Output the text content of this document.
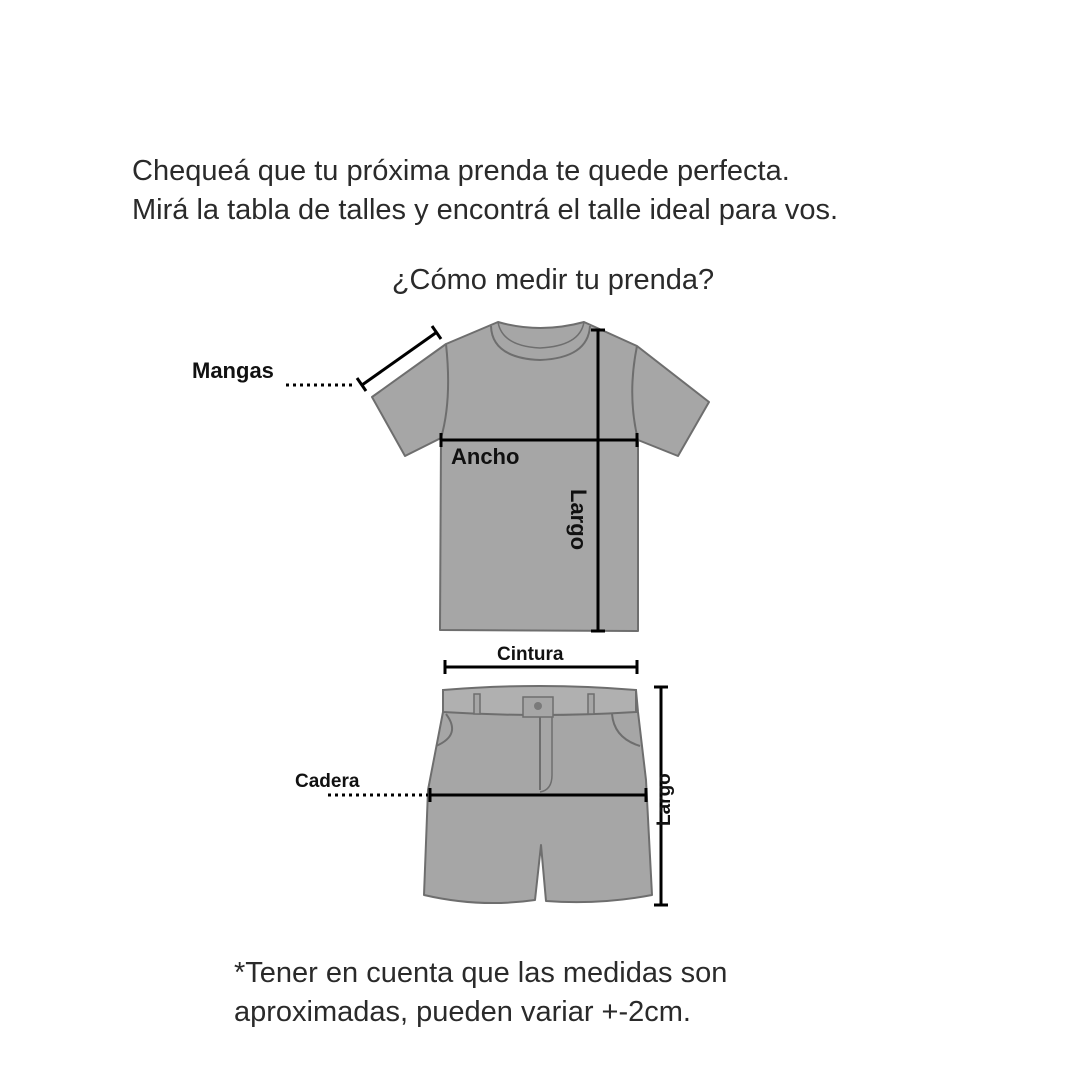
Chequeá que tu próxima prenda te quede perfecta.
Mirá la tabla de talles y encontrá el talle ideal para vos.
¿Cómo medir tu prenda?
Mangas
Ancho
Largo
Cintura
Cadera	Largo
*Tener en cuenta que las medidas son
aproximadas, pueden variar +-2cm.
